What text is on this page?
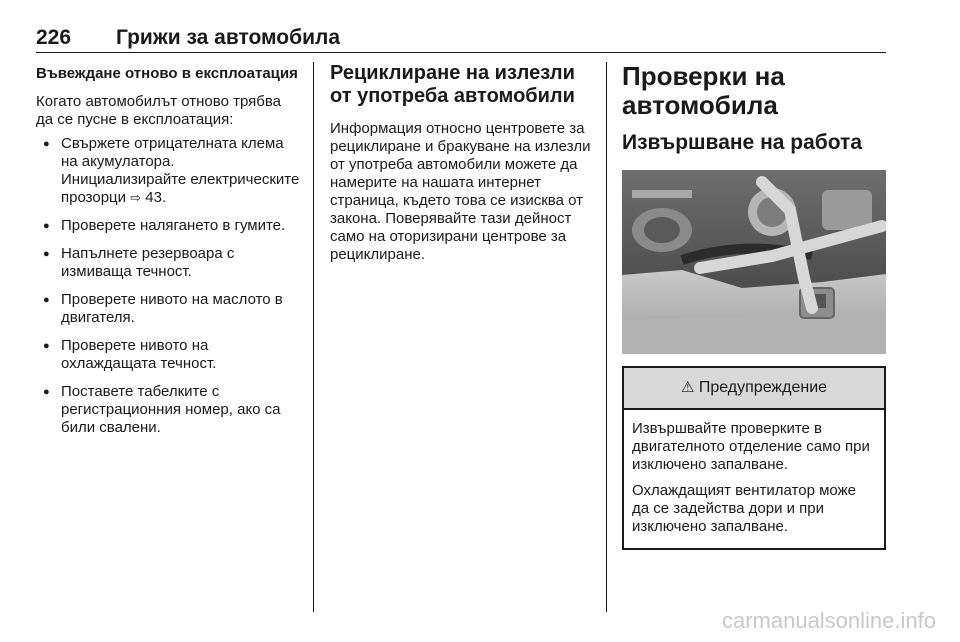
226 Грижи за автомобила
Въвеждане отново в експлоатация
Когато автомобилът отново трябва да се пусне в експлоатация:
● Свържете отрицателната клема на акумулатора. Инициализирайте електрическите прозорци ⇨ 43.
● Проверете налягането в гумите.
● Напълнете резервоара с измиваща течност.
● Проверете нивото на маслото в двигателя.
● Проверете нивото на охлаждащата течност.
● Поставете табелките с регистрационния номер, ако са били свалени.
Рециклиране на излезли от употреба автомобили
Информация относно центровете за рециклиране и бракуване на излезли от употреба автомобили можете да намерите на нашата интернет страница, където това се изисква от закона. Поверявайте тази дейност само на оторизирани центрове за рециклиране.
Проверки на автомобила
Извършване на работа
⚠ Предупреждение
Извършвайте проверките в двигателното отделение само при изключено запалване.
Охлаждащият вентилатор може да се задейства дори и при изключено запалване.
carmanualsonline.info
